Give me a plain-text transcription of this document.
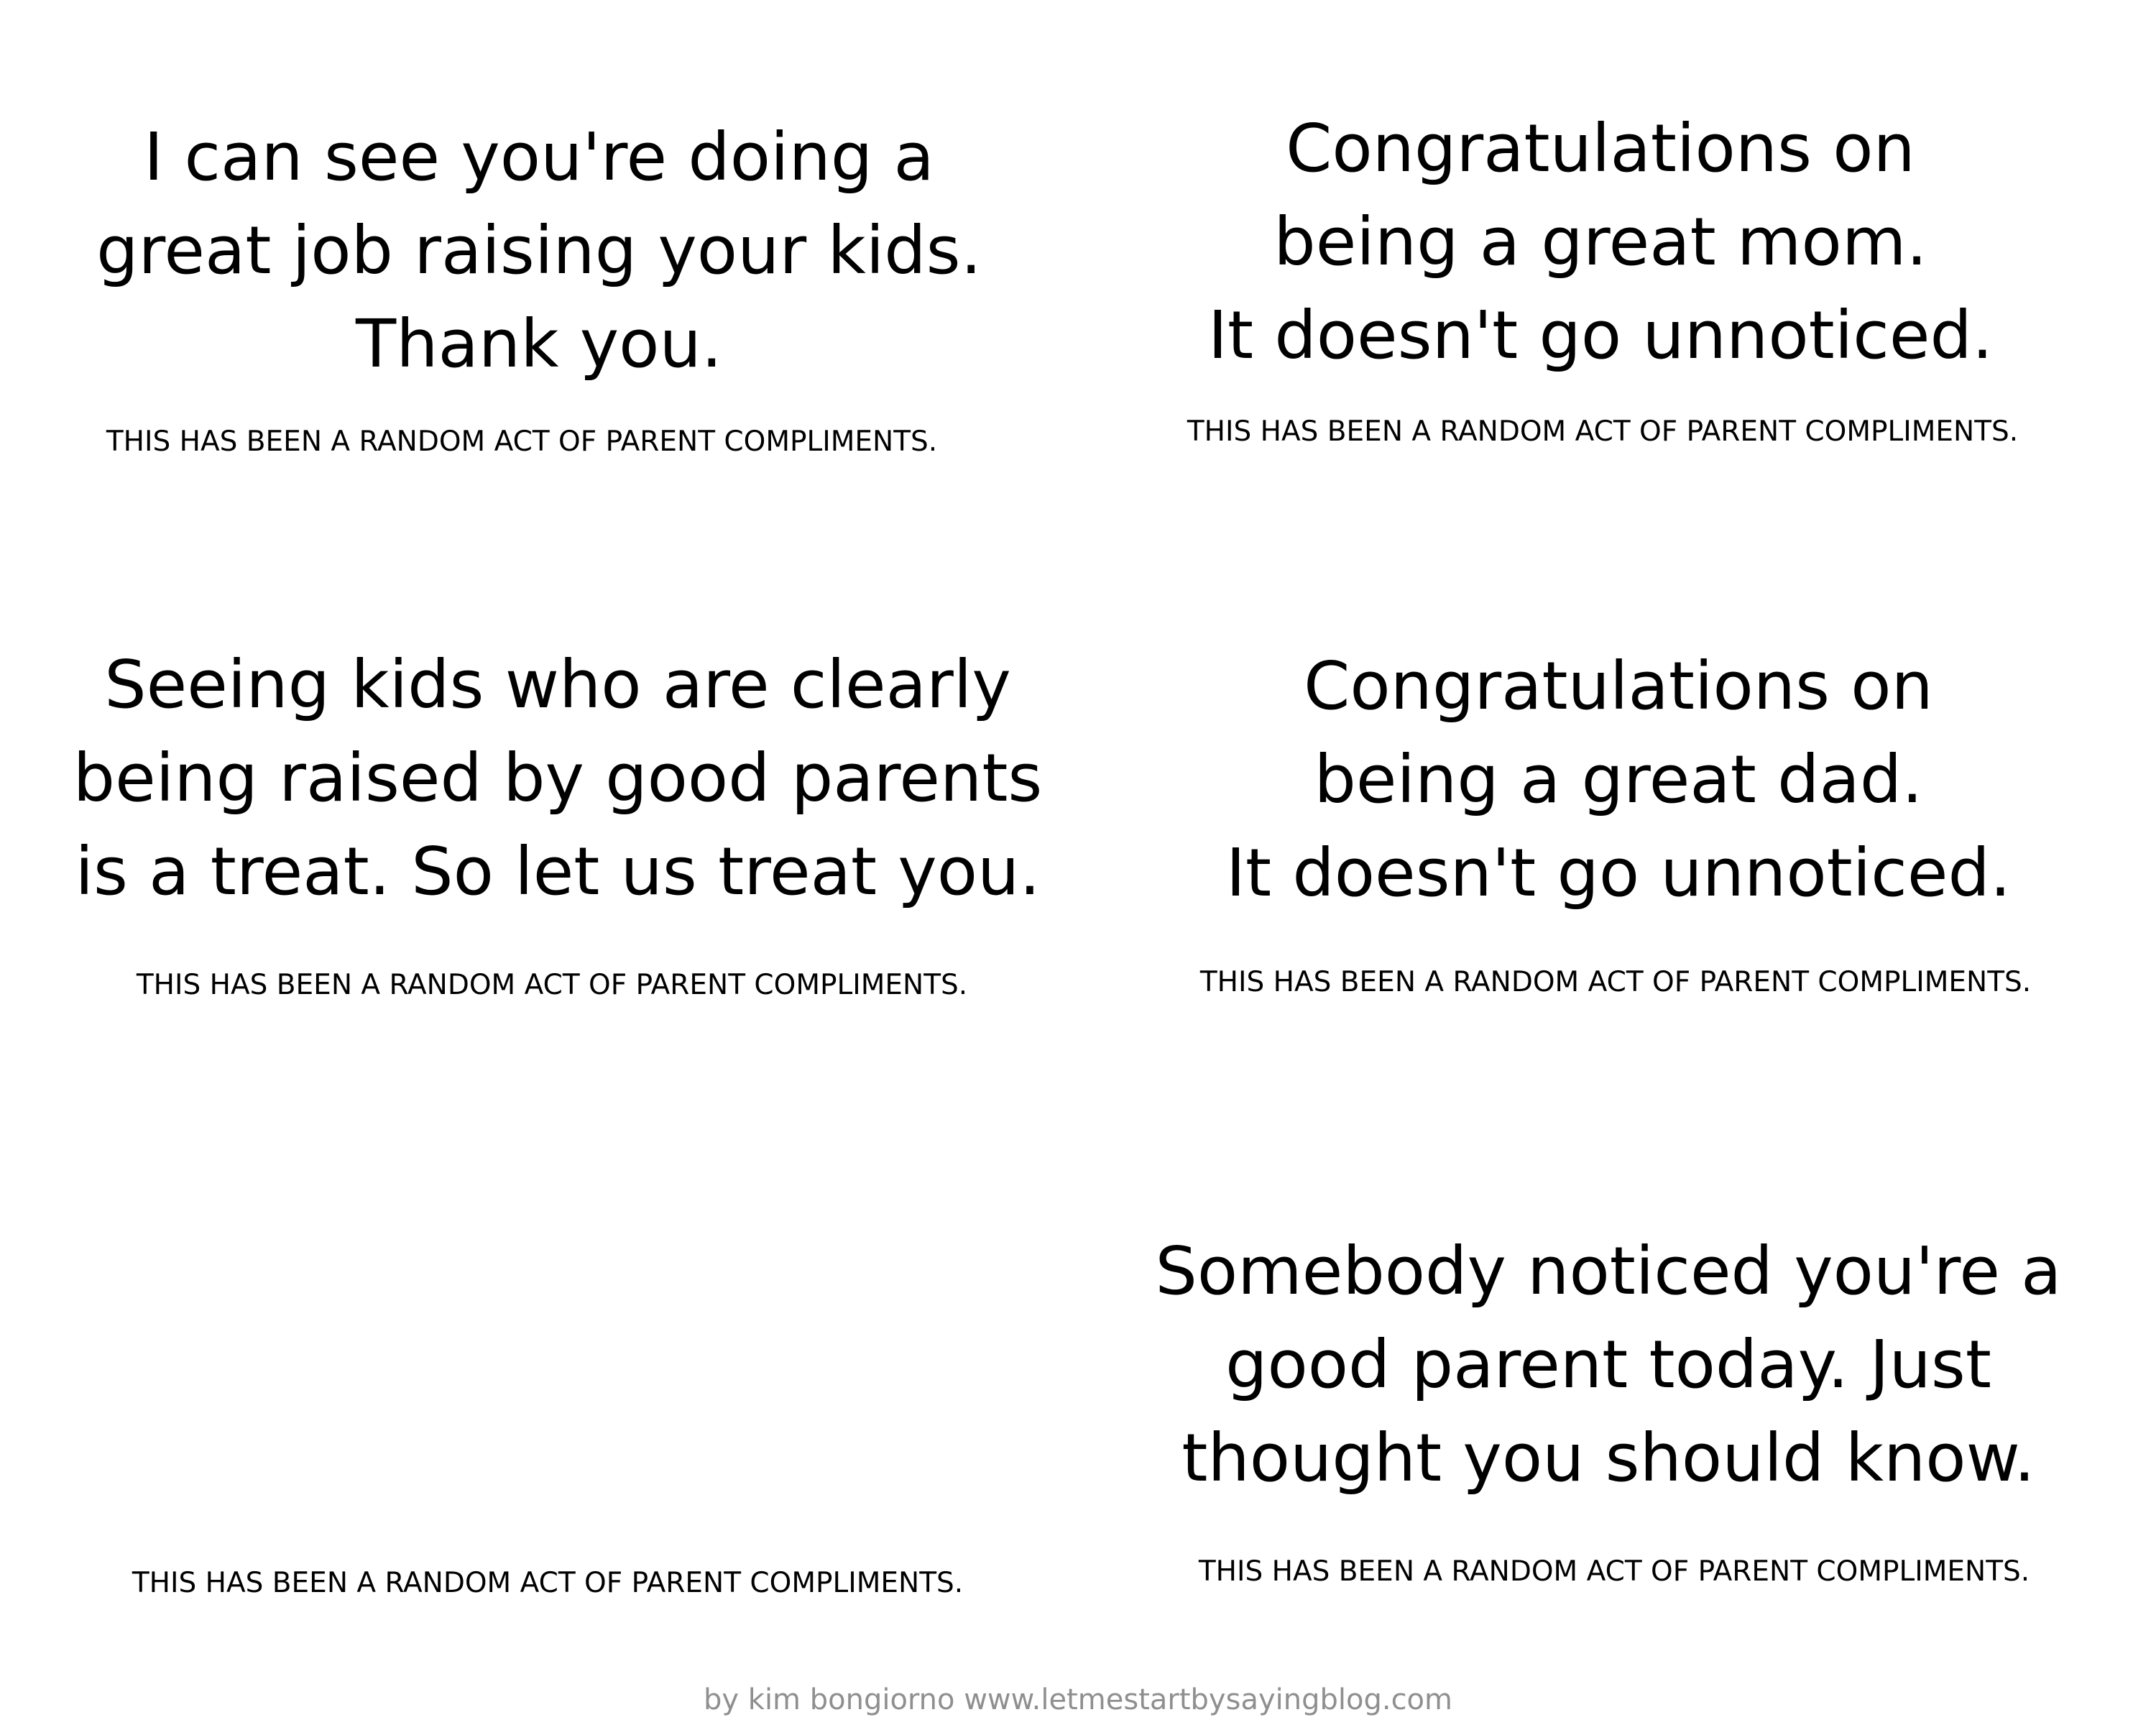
I can see you're doing a
great job raising your kids.
Thank you.
THIS HAS BEEN A RANDOM ACT OF PARENT COMPLIMENTS.
Congratulations on
being a great mom.
It doesn't go unnoticed.
THIS HAS BEEN A RANDOM ACT OF PARENT COMPLIMENTS.
Seeing kids who are clearly
being raised by good parents
is a treat. So let us treat you.
THIS HAS BEEN A RANDOM ACT OF PARENT COMPLIMENTS.
Congratulations on
being a great dad.
It doesn't go unnoticed.
THIS HAS BEEN A RANDOM ACT OF PARENT COMPLIMENTS.
THIS HAS BEEN A RANDOM ACT OF PARENT COMPLIMENTS.
Somebody noticed you're a
good parent today. Just
thought you should know.
THIS HAS BEEN A RANDOM ACT OF PARENT COMPLIMENTS.
by kim bongiorno www.letmestartbysayingblog.com
